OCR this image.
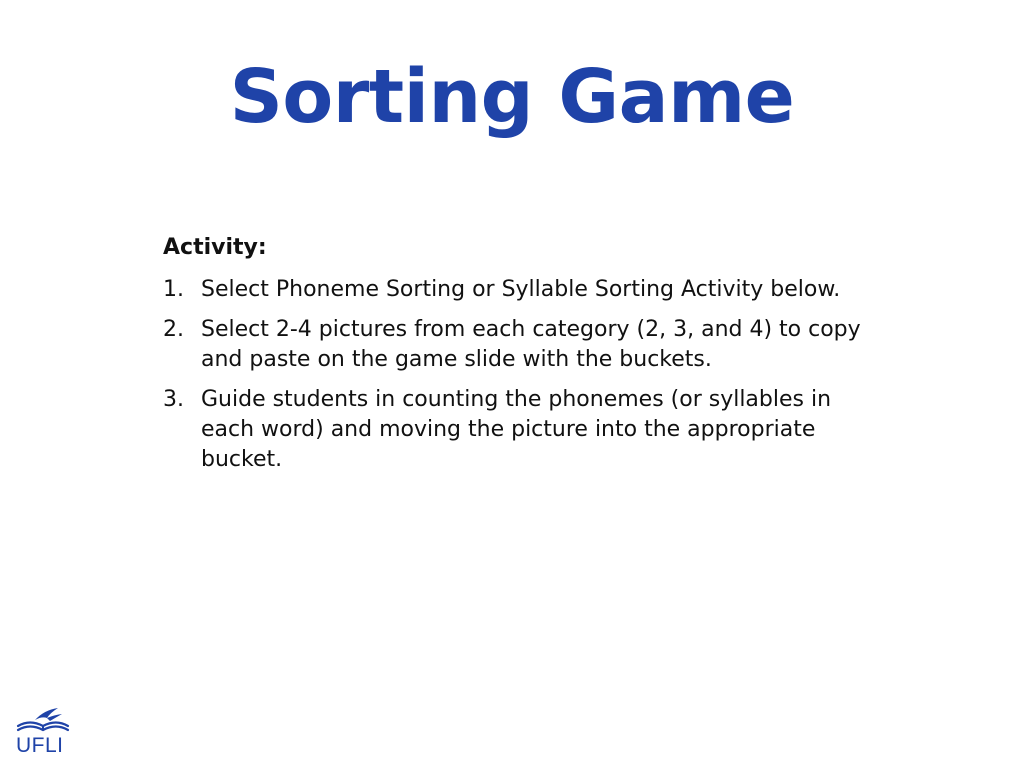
Sorting Game
Activity:
1. Select Phoneme Sorting or Syllable Sorting Activity below.
2. Select 2-4 pictures from each category (2, 3, and 4) to copy and paste on the game slide with the buckets.
3. Guide students in counting the phonemes (or syllables in each word) and moving the picture into the appropriate bucket.
UFLI
